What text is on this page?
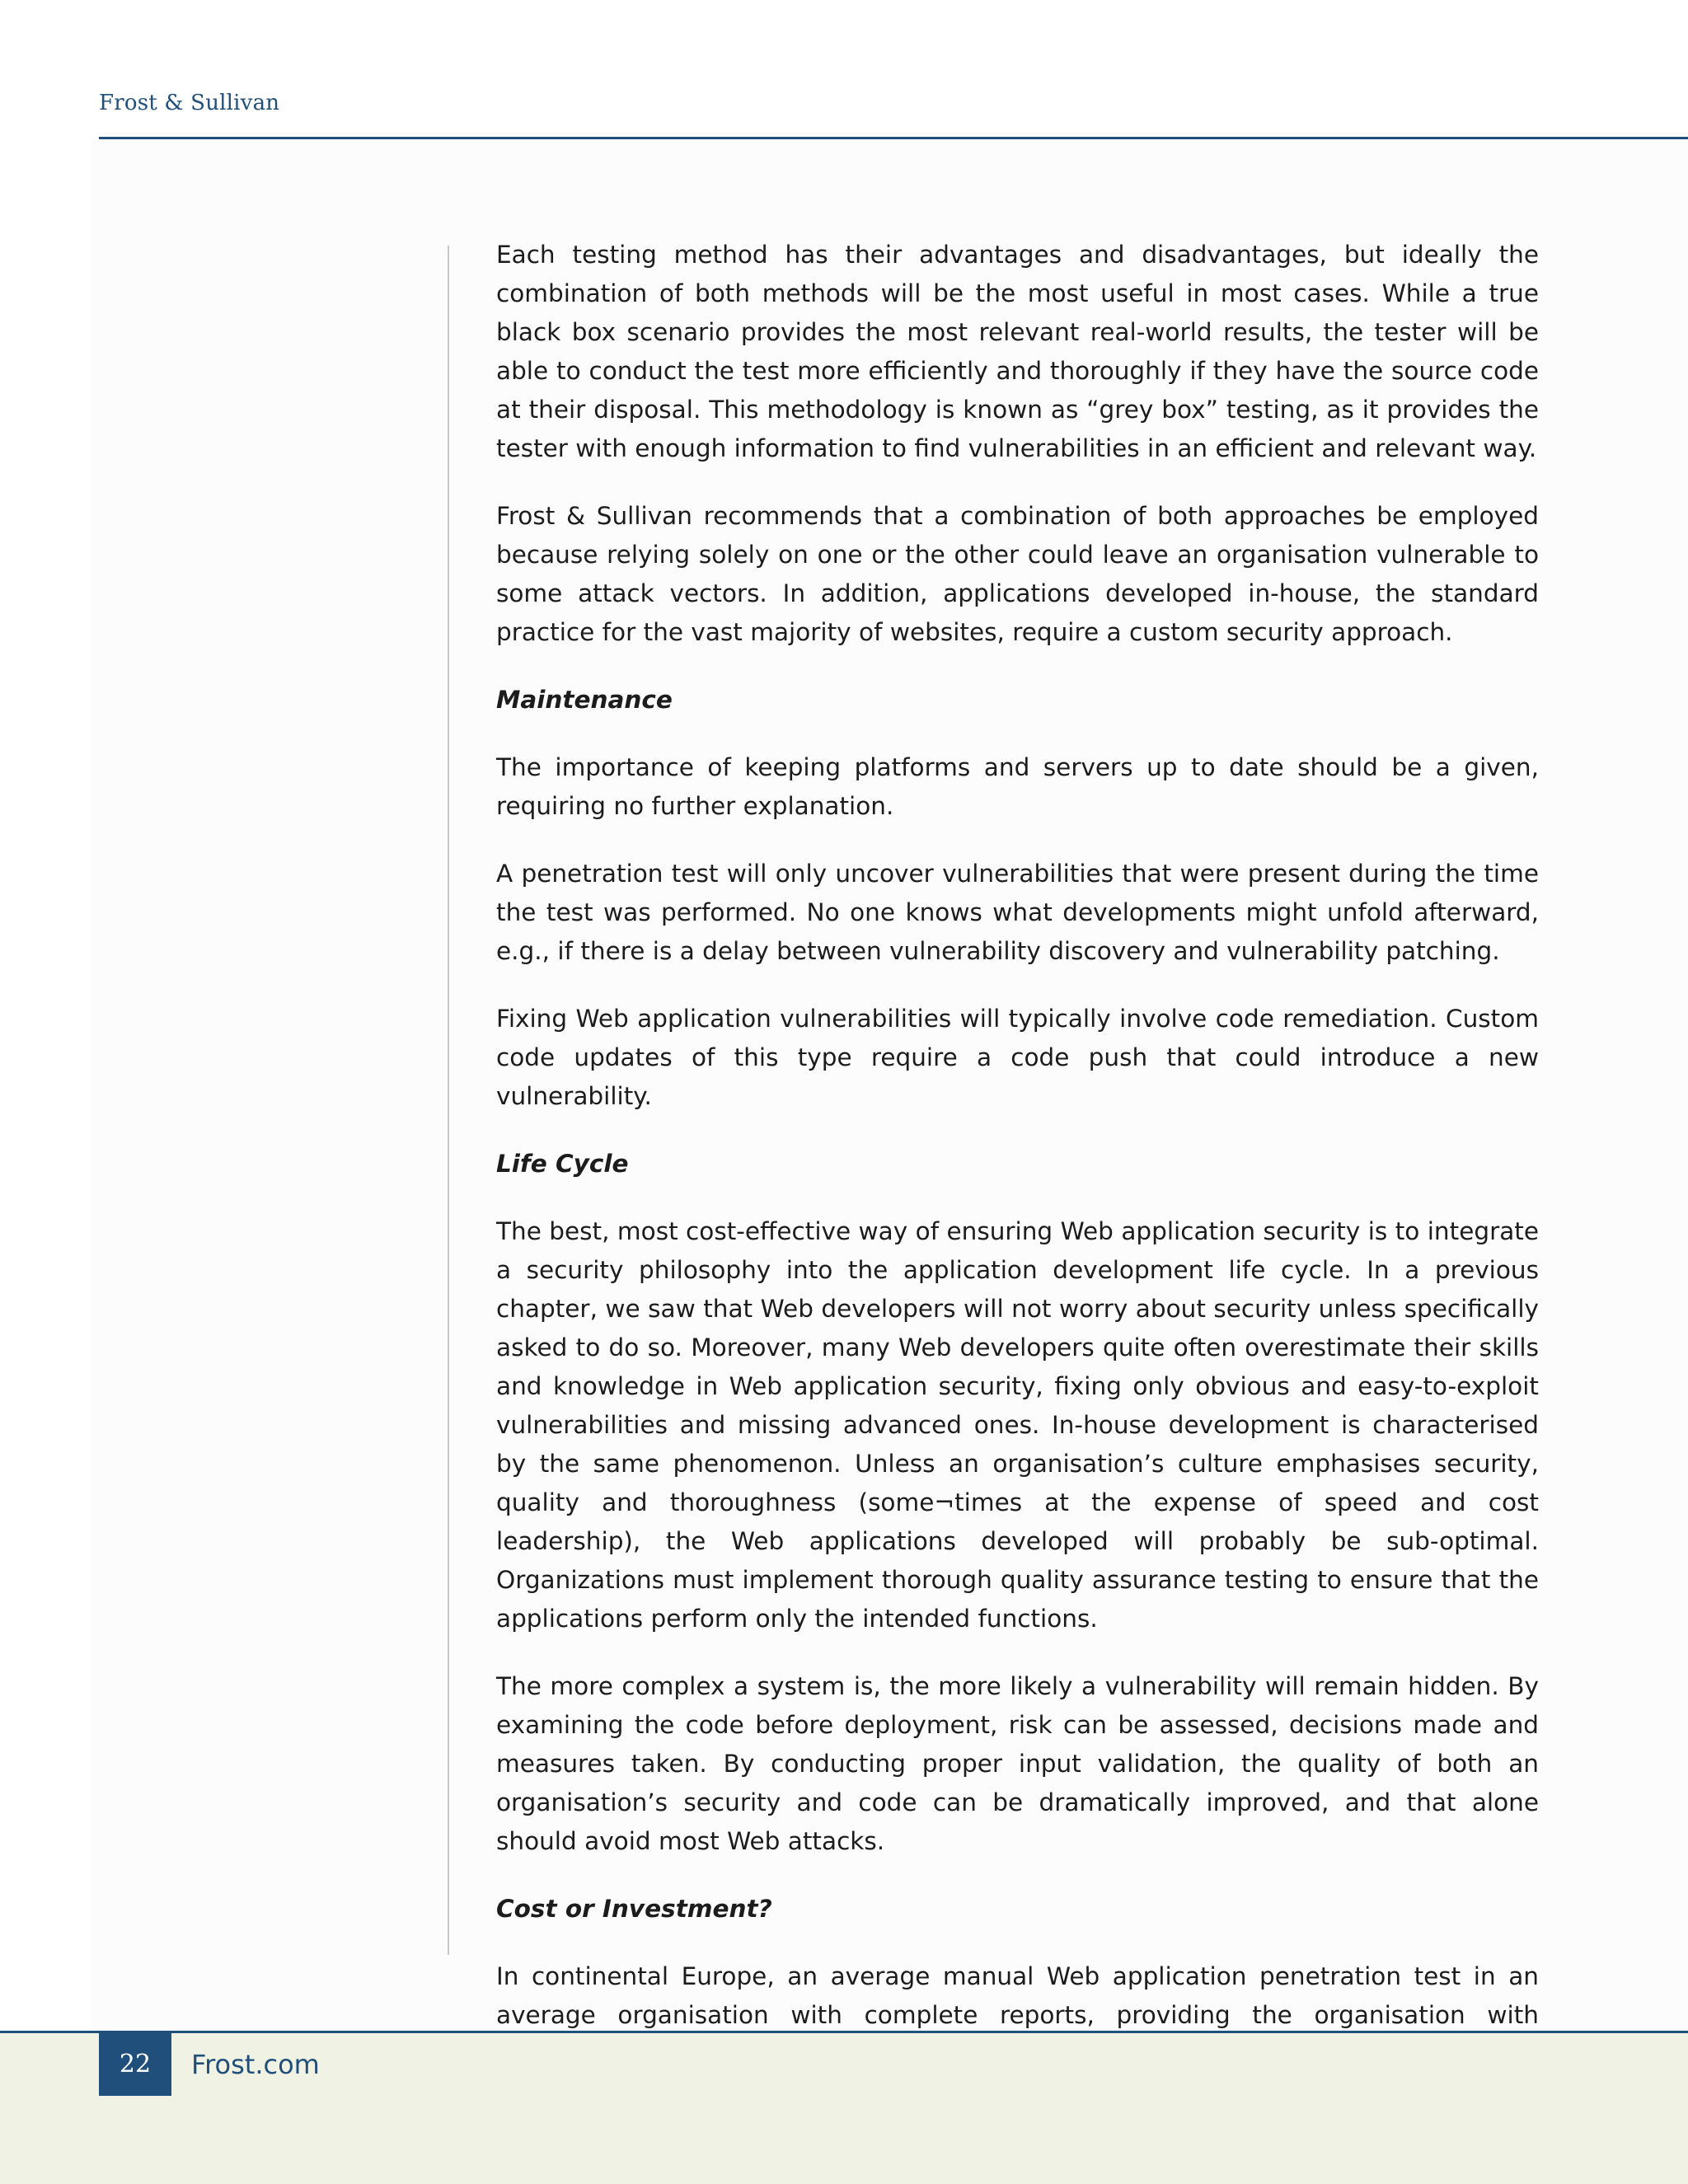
Frost & Sullivan

Each testing method has their advantages and disadvantages, but ideally the combination of both methods will be the most useful in most cases. While a true black box scenario provides the most relevant real-world results, the tester will be able to conduct the test more efficiently and thoroughly if they have the source code at their disposal. This methodology is known as “grey box” testing, as it provides the tester with enough information to find vulnerabilities in an efficient and relevant way.

Frost & Sullivan recommends that a combination of both approaches be employed because relying solely on one or the other could leave an organisation vulnerable to some attack vectors. In addition, applications developed in-house, the standard practice for the vast majority of websites, require a custom security approach.

Maintenance

The importance of keeping platforms and servers up to date should be a given, requiring no further explanation.

A penetration test will only uncover vulnerabilities that were present during the time the test was performed. No one knows what developments might unfold afterward, e.g., if there is a delay between vulnerability discovery and vulnerability patching.

Fixing Web application vulnerabilities will typically involve code remediation. Custom code updates of this type require a code push that could introduce a new vulnerability.

Life Cycle

The best, most cost-effective way of ensuring Web application security is to integrate a security philosophy into the application development life cycle. In a previous chapter, we saw that Web developers will not worry about security unless specifically asked to do so. Moreover, many Web developers quite often overestimate their skills and knowledge in Web application security, fixing only obvious and easy-to-exploit vulnerabilities and missing advanced ones. In-house development is characterised by the same phenomenon. Unless an organisation’s culture emphasises security, quality and thoroughness (some¬times at the expense of speed and cost leadership), the Web applications developed will probably be sub-optimal. Organizations must implement thorough quality assurance testing to ensure that the applications perform only the intended functions.

The more complex a system is, the more likely a vulnerability will remain hidden. By examining the code before deployment, risk can be assessed, decisions made and measures taken. By conducting proper input validation, the quality of both an organisation’s security and code can be dramatically improved, and that alone should avoid most Web attacks.

Cost or Investment?

In continental Europe, an average manual Web application penetration test in an average organisation with complete reports, providing the organisation with

22	Frost.com
